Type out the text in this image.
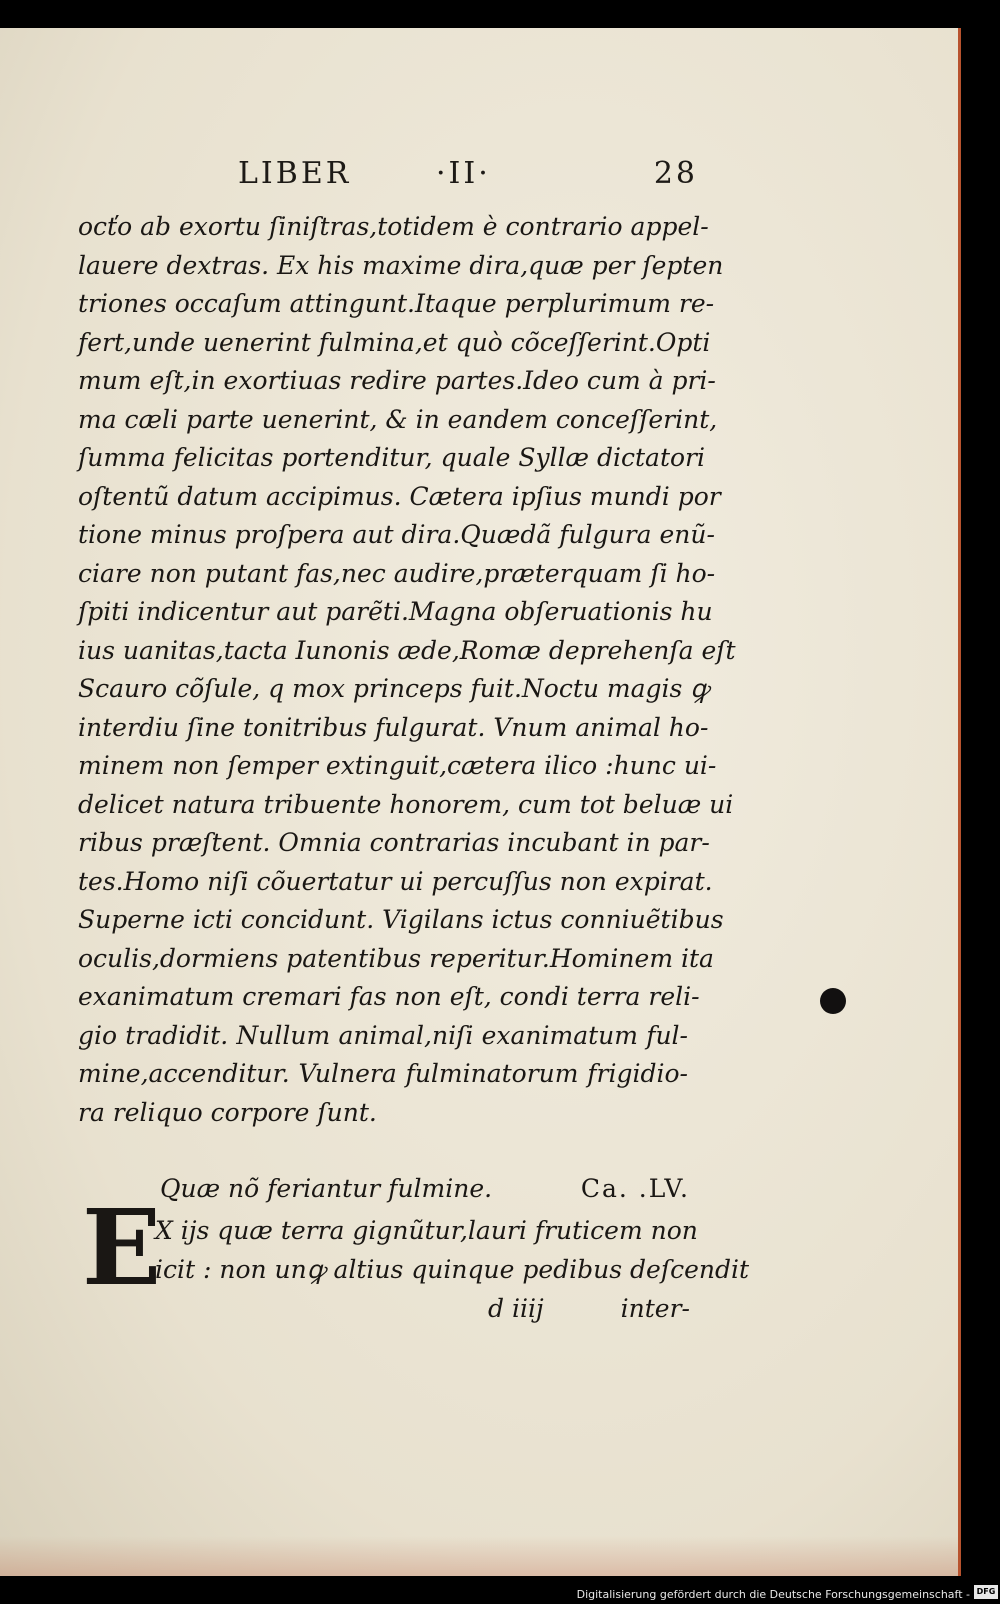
LIBER	·II·	28
ocťo ab exortu ſiniſtras,totidem è contrario appel-
lauere dextras. Ex his maxime dira,quæ per ſepten
triones occaſum attingunt.Itaque perplurimum re-
fert,unde uenerint fulmina,et quò cõceſſerint.Opti
mum eſt,in exortiuas redire partes.Ideo cum à pri-
ma cæli parte uenerint, & in eandem conceſſerint,
ſumma felicitas portenditur, quale Syllæ dictatori
oſtentũ datum accipimus. Cætera ipſius mundi por
tione minus proſpera aut dira.Quædã fulgura enũ-
ciare non putant fas,nec audire,præterquam ſi ho-
ſpiti indicentur aut parẽti.Magna obſeruationis hu
ius uanitas,tacta Iunonis æde,Romæ deprehenſa eſt
Scauro cõſule, q mox princeps fuit.Noctu magis ꝙ
interdiu ſine tonitribus fulgurat. Vnum animal ho-
minem non ſemper extinguit,cætera ilico :hunc ui-
delicet natura tribuente honorem, cum tot beluæ ui
ribus præſtent. Omnia contrarias incubant in par-
tes.Homo niſi cõuertatur ui percuſſus non expirat.
Superne icti concidunt. Vigilans ictus conniuẽtibus
oculis,dormiens patentibus reperitur.Hominem ita
exanimatum cremari fas non eſt, condi terra reli-
gio tradidit. Nullum animal,niſi exanimatum ful-
mine,accenditur. Vulnera fulminatorum frigidio-
ra reliquo corpore ſunt.
Quæ nõ feriantur fulmine.	Ca. .LV.
E
X ijs quæ terra gignũtur,lauri fruticem non
icit : non unꝙ altius quinque pedibus deſcendit
d iiij	inter-
Digitalisierung gefördert durch die Deutsche Forschungsgemeinschaft - DFG
